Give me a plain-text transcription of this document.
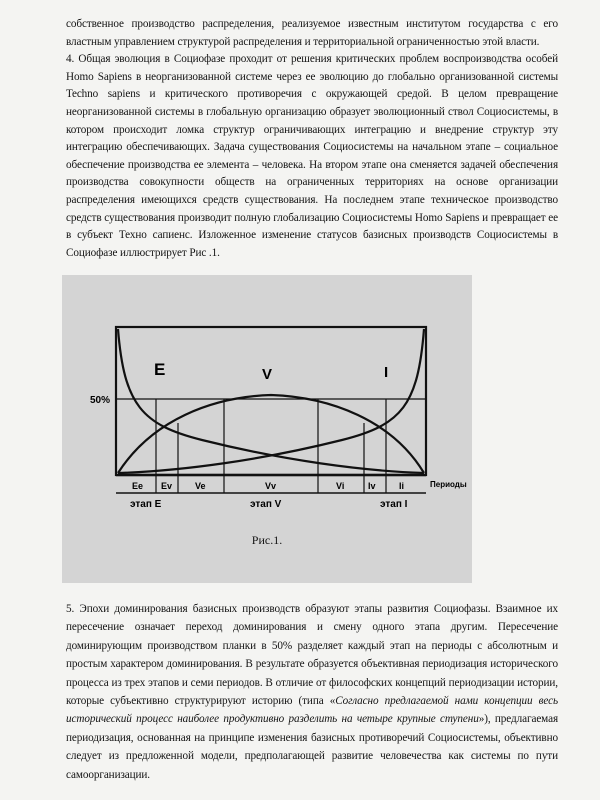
собственное производство распределения, реализуемое известным институтом государства с его властным управлением структурой распределения и территориальной ограниченностью этой власти.
4. Общая эволюция в Социофазе проходит от решения критических проблем воспроизводства особей Homo Sapiens в неорганизованной системе через ее эволюцию до глобально организованной системы Techno sapiens и критического противоречия с окружающей средой. В целом превращение неорганизованной системы в глобальную организацию образует эволюционный ствол Социосистемы, в котором происходит ломка структур ограничивающих интеграцию и внедрение структур эту интеграцию обеспечивающих. Задача существования Социосистемы на начальном этапе – социальное обеспечение производства ее элемента – человека. На втором этапе она сменяется задачей обеспечения производства совокупности обществ на ограниченных территориях на основе организации распределения имеющихся средств существования. На последнем этапе техническое производство средств существования производит полную глобализацию Социосистемы Homo Sapiens и превращает ее в субъект Техно сапиенс. Изложенное изменение статусов базисных производств Социосистемы в Социофазе иллюстрирует Рис .1.
E	V	I
50%
Периоды
Ee Ev	Ve	Vv	Vi	Iv	Ii
этап E	этап V	этап I
Рис.1.
5. Эпохи доминирования базисных производств образуют этапы развития Социофазы. Взаимное их пересечение означает переход доминирования и смену одного этапа другим. Пересечение доминирующим производством планки в 50% разделяет каждый этап на периоды с абсолютным и простым характером доминирования. В результате образуется объективная периодизация исторического процесса из трех этапов и семи периодов. В отличие от философских концепций периодизации истории, которые субъективно структурируют историю (типа «Согласно предлагаемой нами концепции весь исторический процесс наиболее продуктивно разделить на четыре крупные ступени»), предлагаемая периодизация, основанная на принципе изменения базисных противоречий Социосистемы, объективно следует из предложенной модели, предполагающей развитие человечества как системы по пути самоорганизации.
